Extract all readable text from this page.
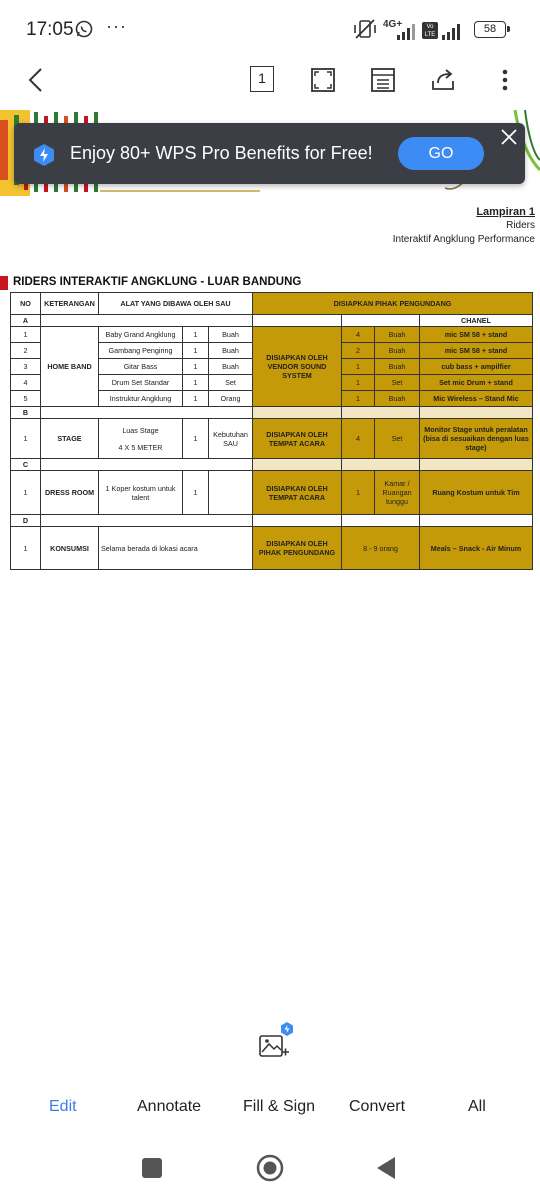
17:05 ···	4G+	Vo LTE	58
1
Enjoy 80+ WPS Pro Benefits for Free!	GO
Lampiran 1
Riders
Interaktif Angklung Performance
RIDERS INTERAKTIF ANGKLUNG - LUAR BANDUNG
NO	KETERANGAN	ALAT YANG DIBAWA OLEH SAU			DISIAPKAN PIHAK PENGUNDANG			
A								CHANEL
1	HOME BAND	Baby Grand Angklung	1	Buah	DISIAPKAN OLEH VENDOR SOUND SYSTEM	4	Buah	mic SM 58 + stand
2		Gambang Pengiring	1	Buah		2	Buah	mic SM 58 + stand
3		Gitar Bass	1	Buah		1	Buah	cub bass + ampilfier
4		Drum Set Standar	1	Set		1	Set	Set mic Drum + stand
5		Instruktur Angklung	1	Orang		1	Buah	Mic Wireless – Stand Mic
B								
1	STAGE	Luas Stage
4 X 5 METER	1	Kebutuhan SAU	DISIAPKAN OLEH TEMPAT ACARA	4	Set	Monitor Stage untuk peralatan (bisa di sesuaikan dengan luas stage)
C								
1	DRESS ROOM	1 Koper kostum untuk talent	1		DISIAPKAN OLEH TEMPAT ACARA	1	Kamar / Ruangan tunggu	Ruang Kostum untuk Tim
D								
1	KONSUMSI	Selama berada di lokasi acara			DISIAPKAN OLEH PIHAK PENGUNDANG	8 - 9 orang		Meals – Snack - Air Minum
Edit	Annotate	Fill & Sign Convert	All
